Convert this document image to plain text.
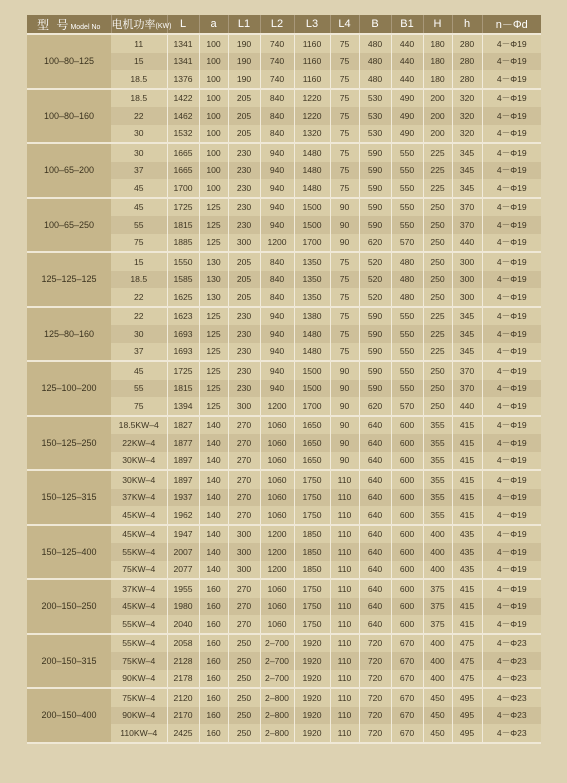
型 号Model No	电机功率(KW)	L	a	L1	L2	L3	L4	B	B1	H	h	n－Φd
100–80–125	11	1341	100	190	740	1160	75	480	440	180	280	4－Φ19
	15	1341	100	190	740	1160	75	480	440	180	280	4－Φ19
	18.5	1376	100	190	740	1160	75	480	440	180	280	4－Φ19
100–80–160	18.5	1422	100	205	840	1220	75	530	490	200	320	4－Φ19
	22	1462	100	205	840	1220	75	530	490	200	320	4－Φ19
	30	1532	100	205	840	1320	75	530	490	200	320	4－Φ19
100–65–200	30	1665	100	230	940	1480	75	590	550	225	345	4－Φ19
	37	1665	100	230	940	1480	75	590	550	225	345	4－Φ19
	45	1700	100	230	940	1480	75	590	550	225	345	4－Φ19
100–65–250	45	1725	125	230	940	1500	90	590	550	250	370	4－Φ19
	55	1815	125	230	940	1500	90	590	550	250	370	4－Φ19
	75	1885	125	300	1200	1700	90	620	570	250	440	4－Φ19
125–125–125	15	1550	130	205	840	1350	75	520	480	250	300	4－Φ19
	18.5	1585	130	205	840	1350	75	520	480	250	300	4－Φ19
	22	1625	130	205	840	1350	75	520	480	250	300	4－Φ19
125–80–160	22	1623	125	230	940	1380	75	590	550	225	345	4－Φ19
	30	1693	125	230	940	1480	75	590	550	225	345	4－Φ19
	37	1693	125	230	940	1480	75	590	550	225	345	4－Φ19
125–100–200	45	1725	125	230	940	1500	90	590	550	250	370	4－Φ19
	55	1815	125	230	940	1500	90	590	550	250	370	4－Φ19
	75	1394	125	300	1200	1700	90	620	570	250	440	4－Φ19
150–125–250	18.5KW–4	1827	140	270	1060	1650	90	640	600	355	415	4－Φ19
	22KW–4	1877	140	270	1060	1650	90	640	600	355	415	4－Φ19
	30KW–4	1897	140	270	1060	1650	90	640	600	355	415	4－Φ19
150–125–315	30KW–4	1897	140	270	1060	1750	110	640	600	355	415	4－Φ19
	37KW–4	1937	140	270	1060	1750	110	640	600	355	415	4－Φ19
	45KW–4	1962	140	270	1060	1750	110	640	600	355	415	4－Φ19
150–125–400	45KW–4	1947	140	300	1200	1850	110	640	600	400	435	4－Φ19
	55KW–4	2007	140	300	1200	1850	110	640	600	400	435	4－Φ19
	75KW–4	2077	140	300	1200	1850	110	640	600	400	435	4－Φ19
200–150–250	37KW–4	1955	160	270	1060	1750	110	640	600	375	415	4－Φ19
	45KW–4	1980	160	270	1060	1750	110	640	600	375	415	4－Φ19
	55KW–4	2040	160	270	1060	1750	110	640	600	375	415	4－Φ19
200–150–315	55KW–4	2058	160	250	2–700	1920	110	720	670	400	475	4－Φ23
	75KW–4	2128	160	250	2–700	1920	110	720	670	400	475	4－Φ23
	90KW–4	2178	160	250	2–700	1920	110	720	670	400	475	4－Φ23
200–150–400	75KW–4	2120	160	250	2–800	1920	110	720	670	450	495	4－Φ23
	90KW–4	2170	160	250	2–800	1920	110	720	670	450	495	4－Φ23
	110KW–4	2425	160	250	2–800	1920	110	720	670	450	495	4－Φ23
